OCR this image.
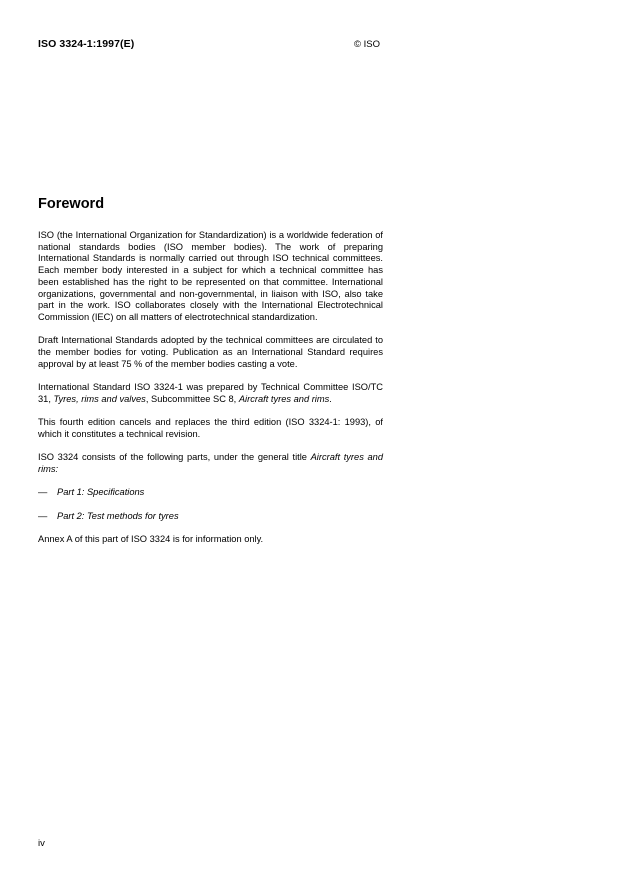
ISO 3324-1:1997(E)	© ISO
Foreword

ISO (the International Organization for Standardization) is a worldwide federation of national standards bodies (ISO member bodies). The work of preparing International Standards is normally carried out through ISO technical committees. Each member body interested in a subject for which a technical committee has been established has the right to be represented on that committee. International organizations, governmental and non-governmental, in liaison with ISO, also take part in the work. ISO collaborates closely with the International Electrotechnical Commission (IEC) on all matters of electrotechnical standardization.

Draft International Standards adopted by the technical committees are circulated to the member bodies for voting. Publication as an International Standard requires approval by at least 75 % of the member bodies casting a vote.

International Standard ISO 3324-1 was prepared by Technical Committee ISO/TC 31, Tyres, rims and valves, Subcommittee SC 8, Aircraft tyres and rims.

This fourth edition cancels and replaces the third edition (ISO 3324-1: 1993), of which it constitutes a technical revision.

ISO 3324 consists of the following parts, under the general title Aircraft tyres and rims:

— Part 1: Specifications

— Part 2: Test methods for tyres

Annex A of this part of ISO 3324 is for information only.

iv
